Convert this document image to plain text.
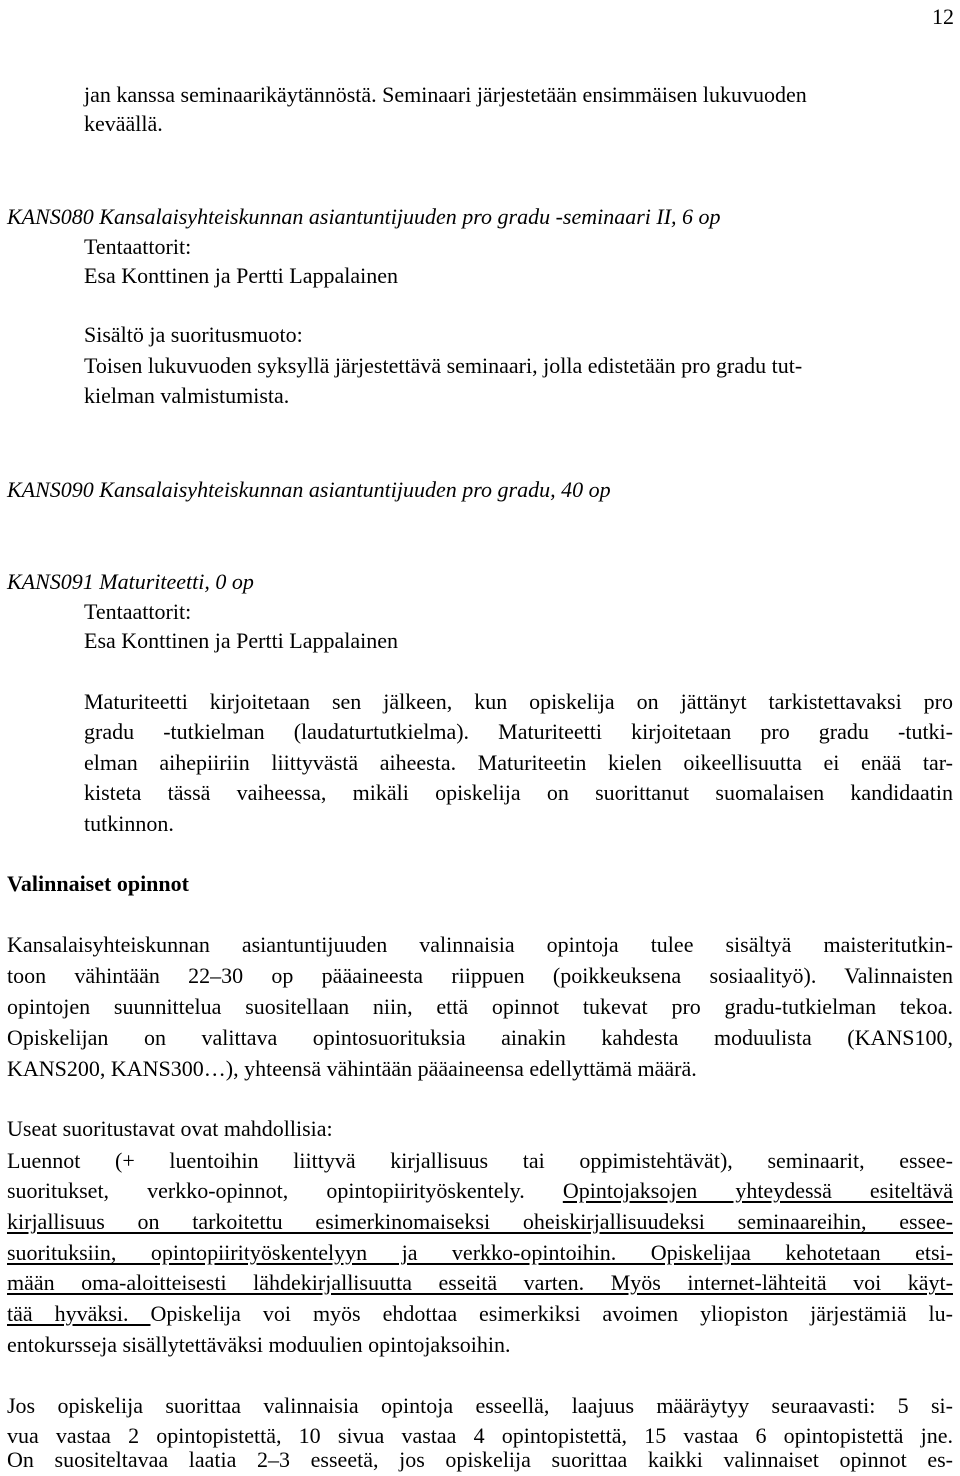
12

jan kanssa seminaarikäytännöstä. Seminaari järjestetään ensimmäisen lukuvuoden

keväällä.

KANS080 Kansalaisyhteiskunnan asiantuntijuuden pro gradu -seminaari II, 6 op

Tentaattorit:

Esa Konttinen ja Pertti Lappalainen

Sisältö ja suoritusmuoto:

Toisen lukuvuoden syksyllä järjestettävä seminaari, jolla edistetään pro gradu tut-

kielman valmistumista.

KANS090 Kansalaisyhteiskunnan asiantuntijuuden pro gradu, 40 op

KANS091 Maturiteetti, 0 op

Tentaattorit:

Esa Konttinen ja Pertti Lappalainen

Maturiteetti kirjoitetaan sen jälkeen, kun opiskelija on jättänyt tarkistettavaksi pro

gradu -tutkielman (laudaturtutkielma). Maturiteetti kirjoitetaan pro gradu -tutki-

elman aihepiiriin liittyvästä aiheesta. Maturiteetin kielen oikeellisuutta ei enää tar-

kisteta tässä vaiheessa, mikäli opiskelija on suorittanut suomalaisen kandidaatin

tutkinnon.

Valinnaiset opinnot

Kansalaisyhteiskunnan asiantuntijuuden valinnaisia opintoja tulee sisältyä maisteritutkin-

toon vähintään 22–30 op pääaineesta riippuen (poikkeuksena sosiaalityö). Valinnaisten

opintojen suunnittelua suositellaan niin, että opinnot tukevat pro gradu-tutkielman tekoa.

Opiskelijan on valittava opintosuorituksia ainakin kahdesta moduulista (KANS100,

KANS200, KANS300…), yhteensä vähintään pääaineensa edellyttämä määrä.

Useat suoritustavat ovat mahdollisia:

Luennot (+ luentoihin liittyvä kirjallisuus tai oppimistehtävät), seminaarit, essee-

suoritukset, verkko-opinnot, opintopiirityöskentely. Opintojaksojen yhteydessä esiteltävä

kirjallisuus on tarkoitettu esimerkinomaiseksi oheiskirjallisuudeksi seminaareihin, essee-

suorituksiin, opintopiirityöskentelyyn ja verkko-opintoihin. Opiskelijaa kehotetaan etsi-

mään oma-aloitteisesti lähdekirjallisuutta esseitä varten. Myös internet-lähteitä voi käyt-

tää hyväksi. Opiskelija voi myös ehdottaa esimerkiksi avoimen yliopiston järjestämiä lu-

entokursseja sisällytettäväksi moduulien opintojaksoihin.

Jos opiskelija suorittaa valinnaisia opintoja esseellä, laajuus määräytyy seuraavasti: 5 si-

vua vastaa 2 opintopistettä, 10 sivua vastaa 4 opintopistettä, 15 vastaa 6 opintopistettä jne.

On suositeltavaa laatia 2–3 esseetä, jos opiskelija suorittaa kaikki valinnaiset opinnot es-
